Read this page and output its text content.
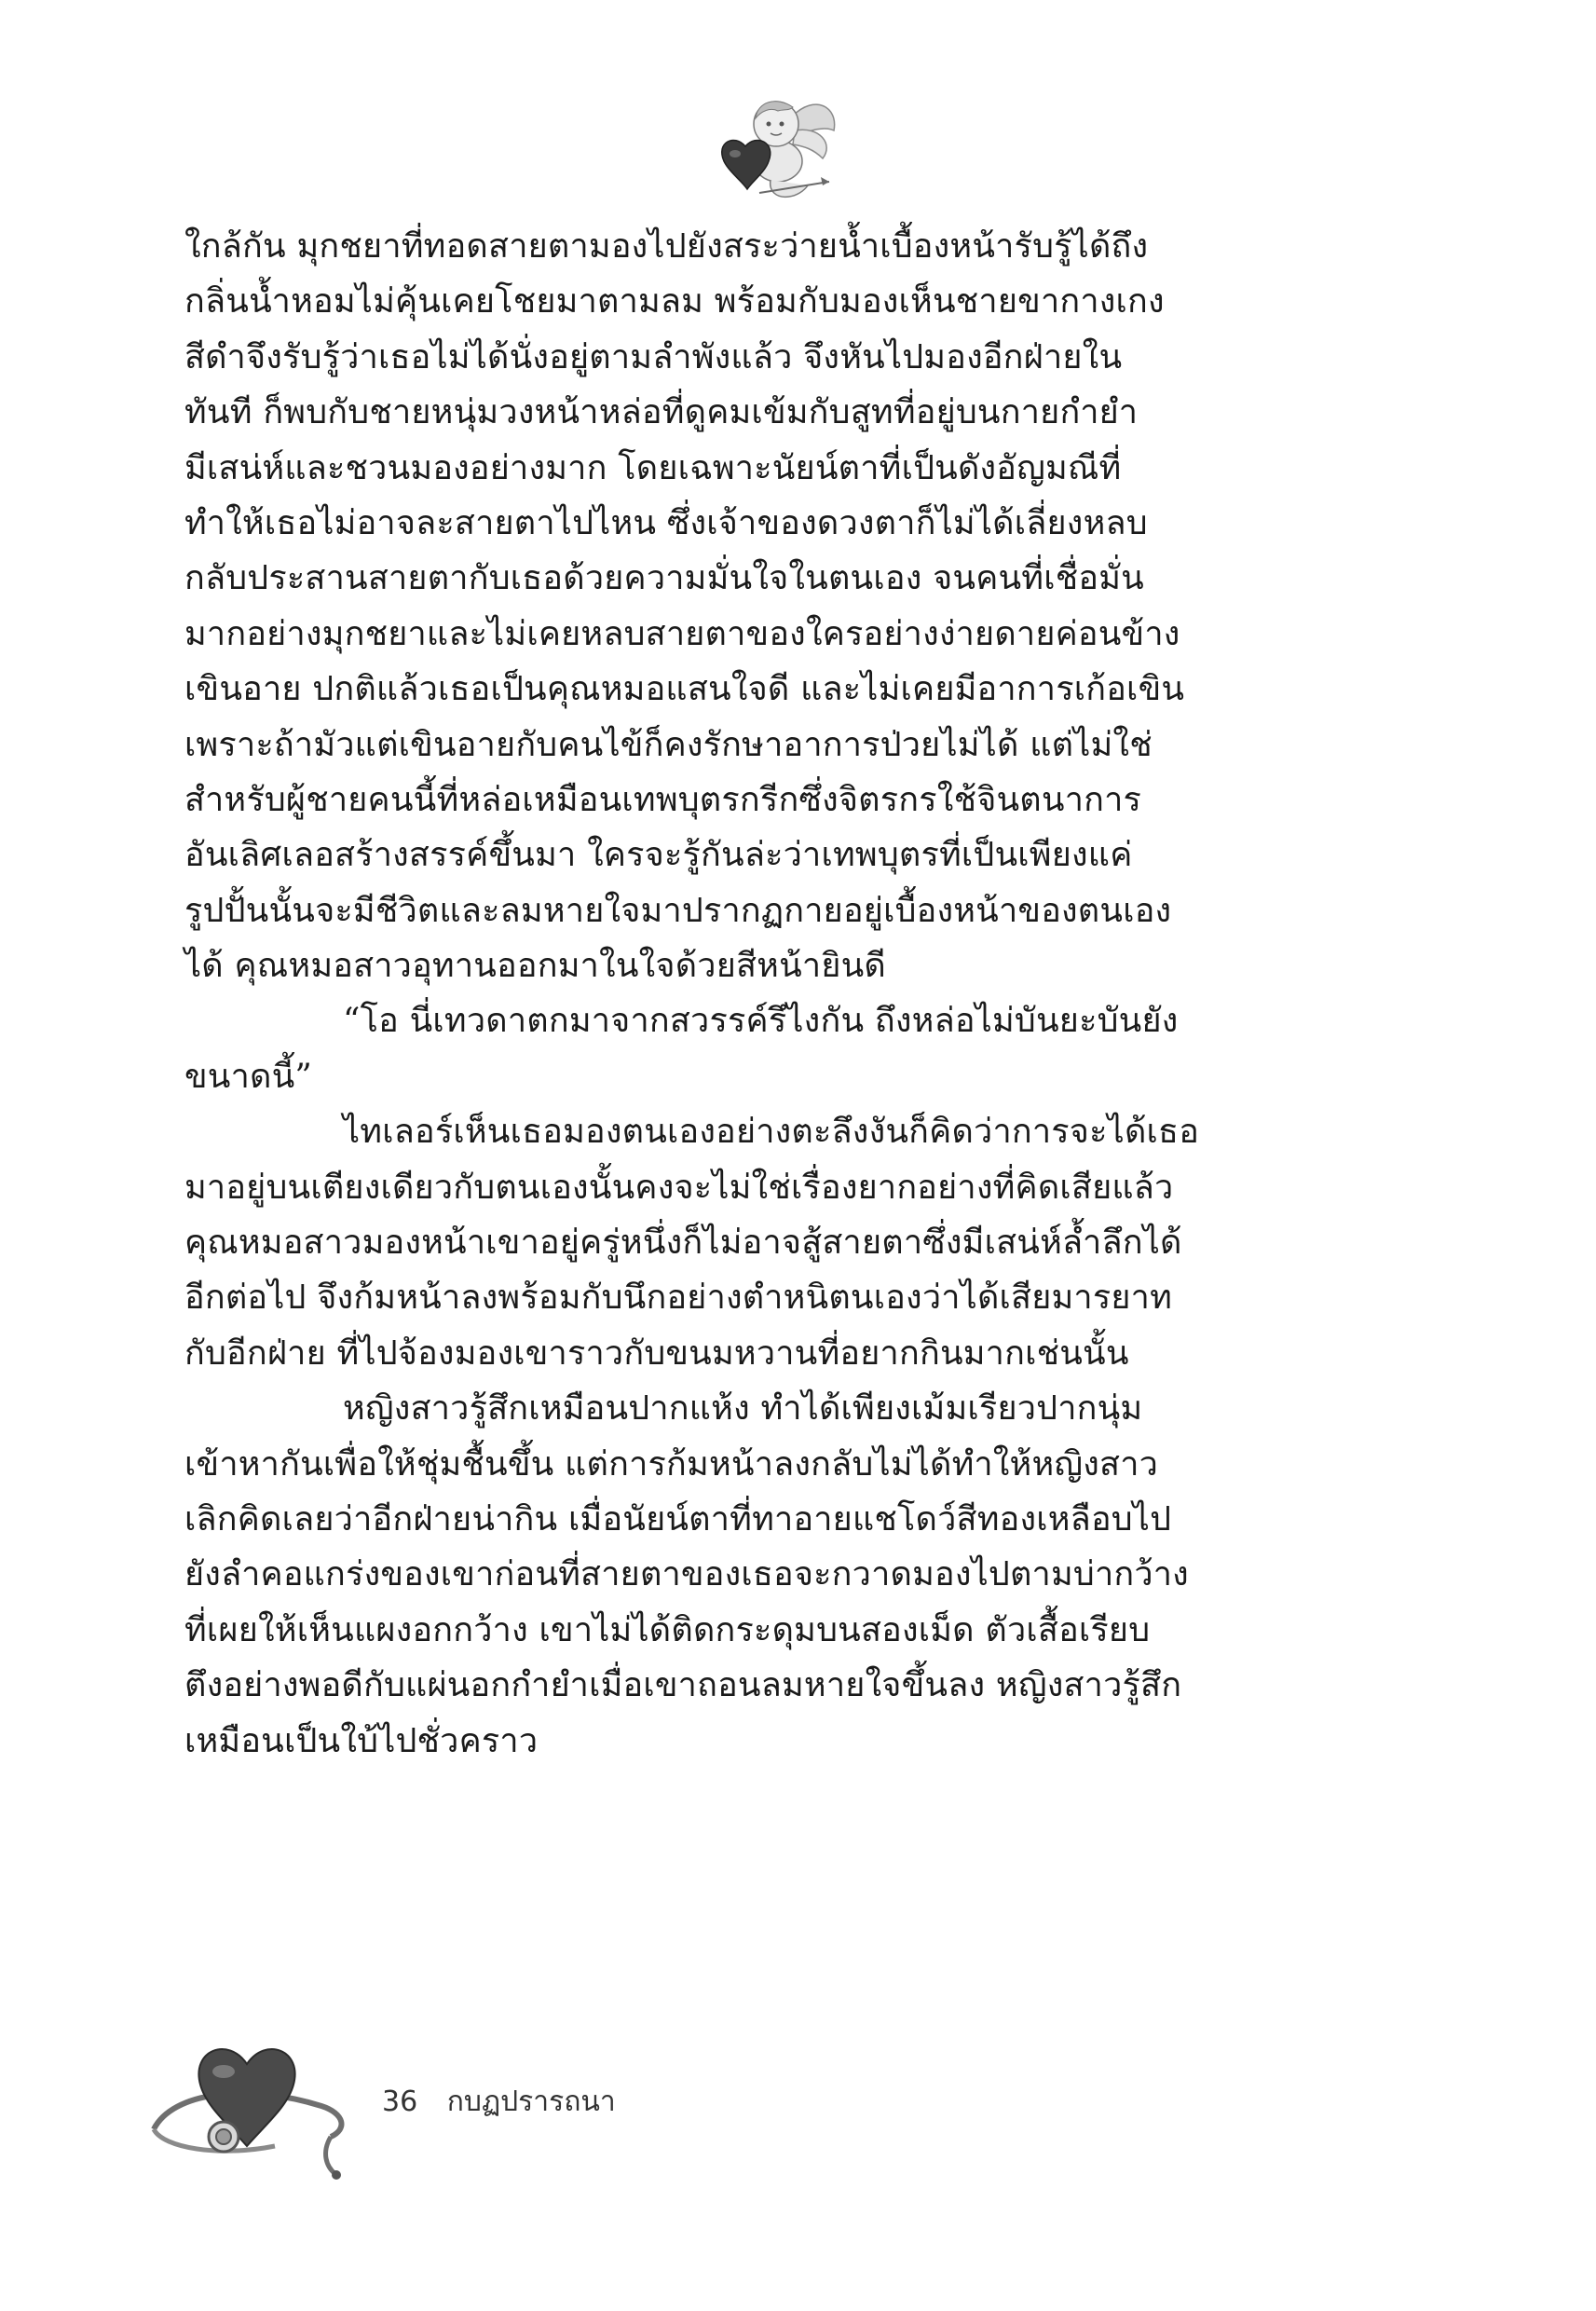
ใกล้กัน มุกชยาที่ทอดสายตามองไปยังสระว่ายน้ำเบื้องหน้ารับรู้ได้ถึง
กลิ่นน้ำหอมไม่คุ้นเคยโชยมาตามลม พร้อมกับมองเห็นชายขากางเกง
สีดำจึงรับรู้ว่าเธอไม่ได้นั่งอยู่ตามลำพังแล้ว จึงหันไปมองอีกฝ่ายใน
ทันที ก็พบกับชายหนุ่มวงหน้าหล่อที่ดูคมเข้มกับสูทที่อยู่บนกายกำยำ
มีเสน่ห์และชวนมองอย่างมาก โดยเฉพาะนัยน์ตาที่เป็นดังอัญมณีที่
ทำให้เธอไม่อาจละสายตาไปไหน ซึ่งเจ้าของดวงตาก็ไม่ได้เลี่ยงหลบ
กลับประสานสายตากับเธอด้วยความมั่นใจในตนเอง จนคนที่เชื่อมั่น
มากอย่างมุกชยาและไม่เคยหลบสายตาของใครอย่างง่ายดายค่อนข้าง
เขินอาย ปกติแล้วเธอเป็นคุณหมอแสนใจดี และไม่เคยมีอาการเก้อเขิน
เพราะถ้ามัวแต่เขินอายกับคนไข้ก็คงรักษาอาการป่วยไม่ได้ แต่ไม่ใช่
สำหรับผู้ชายคนนี้ที่หล่อเหมือนเทพบุตรกรีกซึ่งจิตรกรใช้จินตนาการ
อันเลิศเลอสร้างสรรค์ขึ้นมา ใครจะรู้กันล่ะว่าเทพบุตรที่เป็นเพียงแค่
รูปปั้นนั้นจะมีชีวิตและลมหายใจมาปรากฏกายอยู่เบื้องหน้าของตนเอง
ได้ คุณหมอสาวอุทานออกมาในใจด้วยสีหน้ายินดี

“โอ นี่เทวดาตกมาจากสวรรค์รึไงกัน ถึงหล่อไม่บันยะบันยัง
ขนาดนี้”

ไทเลอร์เห็นเธอมองตนเองอย่างตะลึงงันก็คิดว่าการจะได้เธอ
มาอยู่บนเตียงเดียวกับตนเองนั้นคงจะไม่ใช่เรื่องยากอย่างที่คิดเสียแล้ว
คุณหมอสาวมองหน้าเขาอยู่ครู่หนึ่งก็ไม่อาจสู้สายตาซึ่งมีเสน่ห์ล้ำลึกได้
อีกต่อไป จึงก้มหน้าลงพร้อมกับนึกอย่างตำหนิตนเองว่าได้เสียมารยาท
กับอีกฝ่าย ที่ไปจ้องมองเขาราวกับขนมหวานที่อยากกินมากเช่นนั้น

หญิงสาวรู้สึกเหมือนปากแห้ง ทำได้เพียงเม้มเรียวปากนุ่ม
เข้าหากันเพื่อให้ชุ่มชื้นขึ้น แต่การก้มหน้าลงกลับไม่ได้ทำให้หญิงสาว
เลิกคิดเลยว่าอีกฝ่ายน่ากิน เมื่อนัยน์ตาที่ทาอายแชโดว์สีทองเหลือบไป
ยังลำคอแกร่งของเขาก่อนที่สายตาของเธอจะกวาดมองไปตามบ่ากว้าง
ที่เผยให้เห็นแผงอกกว้าง เขาไม่ได้ติดกระดุมบนสองเม็ด ตัวเสื้อเรียบ
ตึงอย่างพอดีกับแผ่นอกกำยำเมื่อเขาถอนลมหายใจขึ้นลง หญิงสาวรู้สึก
เหมือนเป็นใบ้ไปชั่วคราว

36 กบฏปรารถนา
